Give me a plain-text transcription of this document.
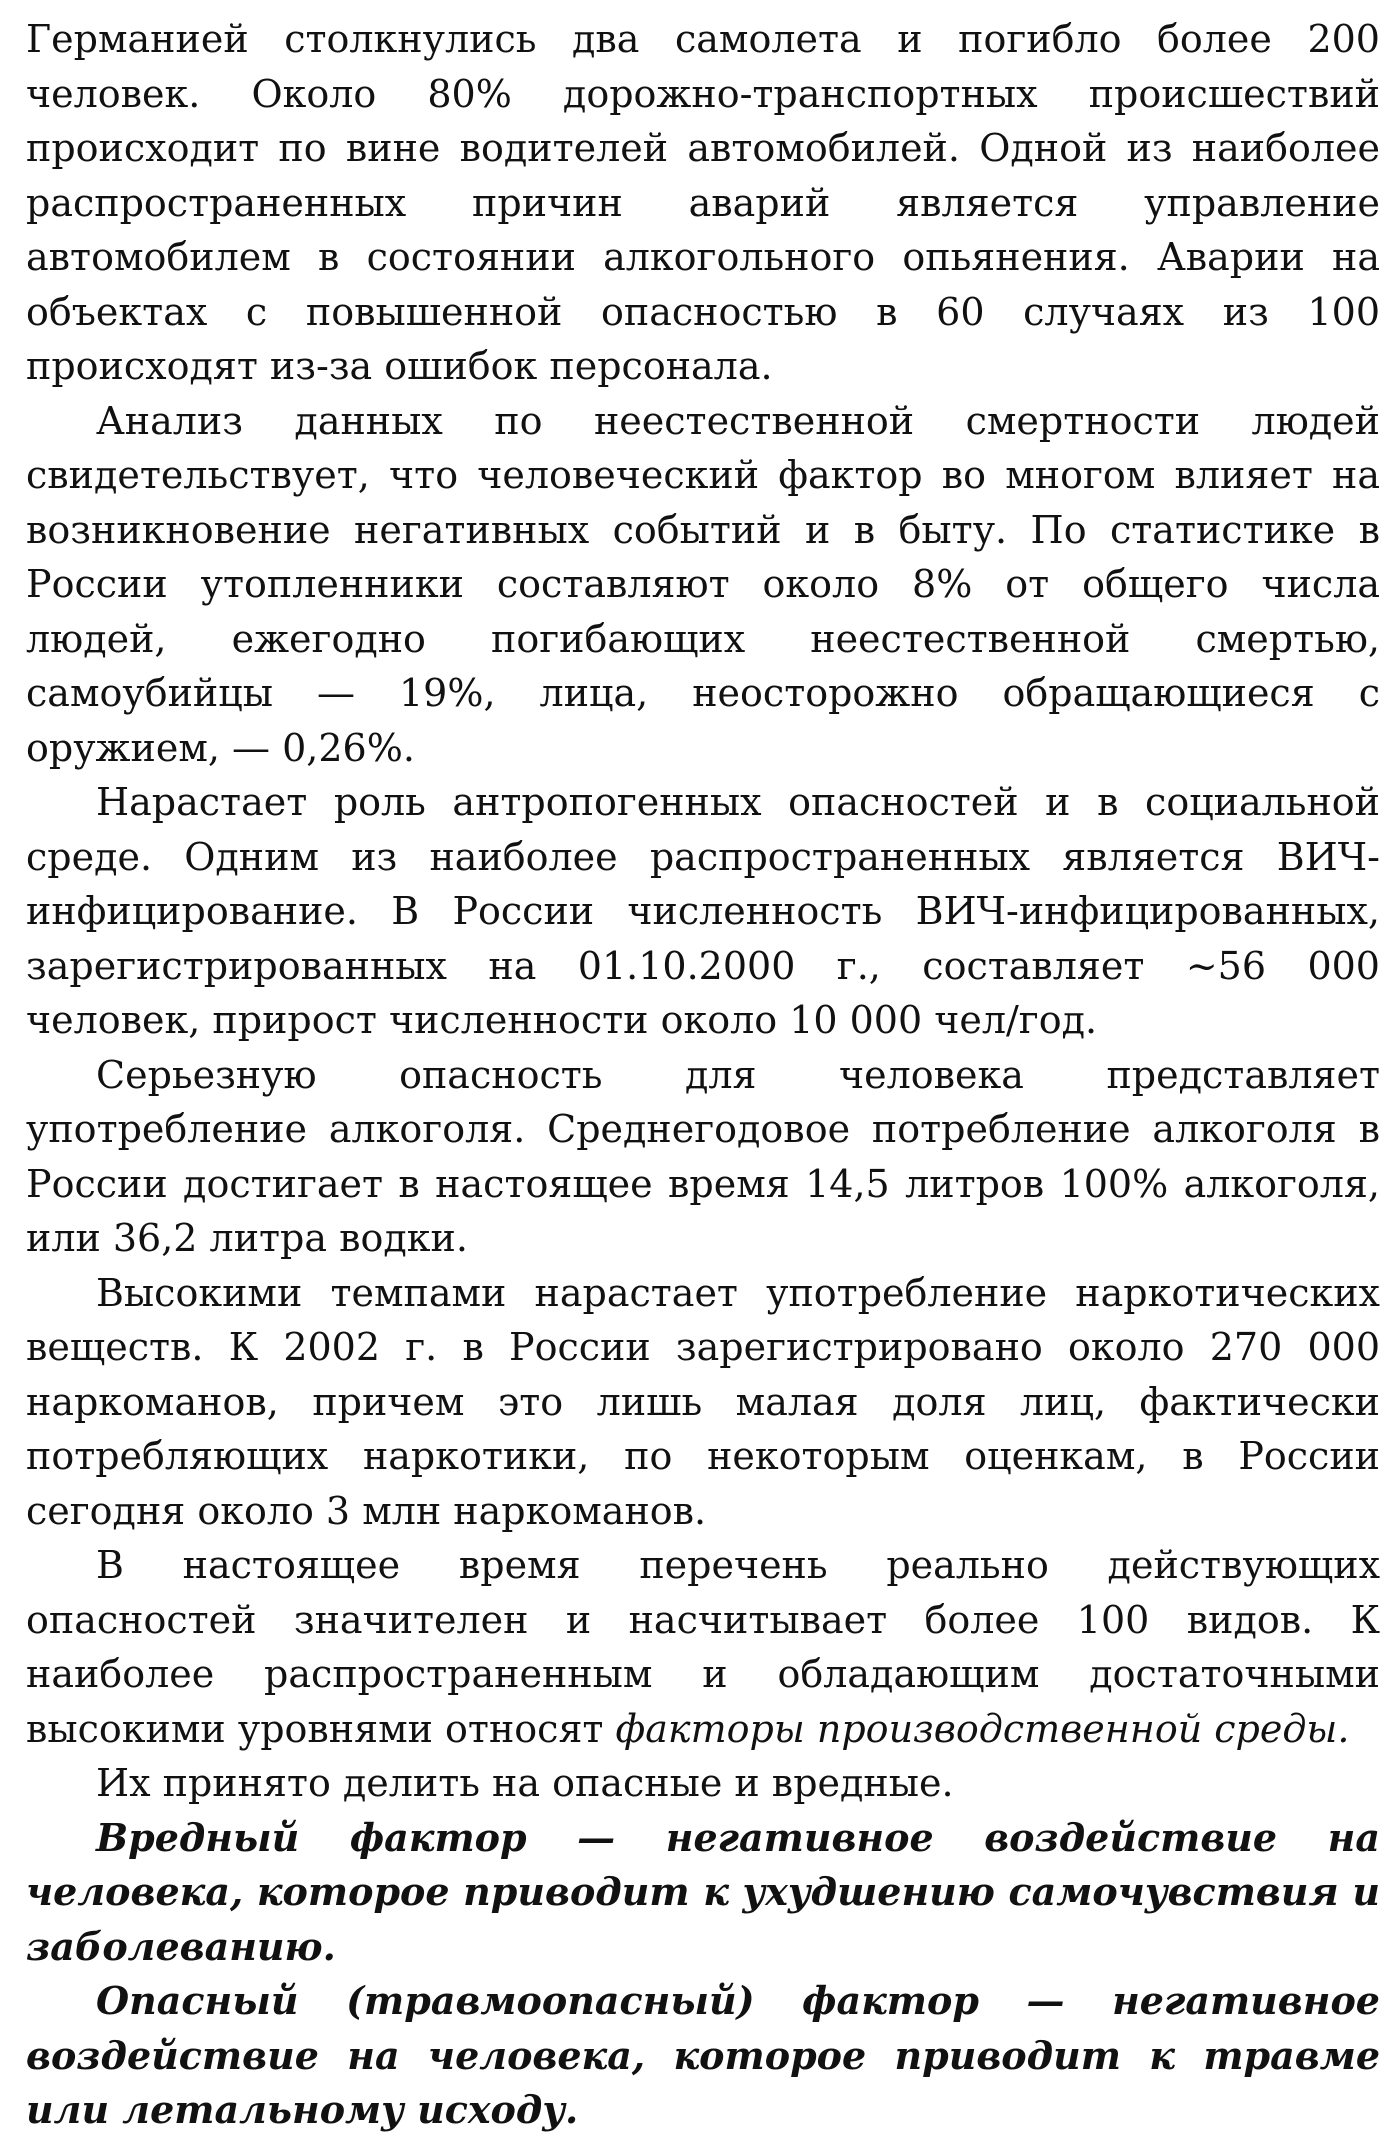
Германией столкнулись два самолета и погибло более 200 человек. Около 80% дорожно-транспортных происшествий происходит по вине водителей автомобилей. Одной из наиболее распространенных причин аварий является управление автомобилем в состоянии алкогольного опьянения. Аварии на объектах с повышенной опасностью в 60 случаях из 100 происходят из-за ошибок персонала.

Анализ данных по неестественной смертности людей свидетельствует, что человеческий фактор во многом влияет на возникновение негативных событий и в быту. По статистике в России утопленники составляют около 8% от общего числа людей, ежегодно погибающих неестественной смертью, самоубийцы — 19%, лица, неосторожно обращающиеся с оружием, — 0,26%.

Нарастает роль антропогенных опасностей и в социальной среде. Одним из наиболее распространенных является ВИЧ-инфицирование. В России численность ВИЧ-инфицированных, зарегистрированных на 01.10.2000 г., составляет ~56 000 человек, прирост численности около 10 000 чел/год.

Серьезную опасность для человека представляет употребление алкоголя. Среднегодовое потребление алкоголя в России достигает в настоящее время 14,5 литров 100% алкоголя, или 36,2 литра водки.

Высокими темпами нарастает употребление наркотических веществ. К 2002 г. в России зарегистрировано около 270 000 наркоманов, причем это лишь малая доля лиц, фактически потребляющих наркотики, по некоторым оценкам, в России сегодня около 3 млн наркоманов.

В настоящее время перечень реально действующих опасностей значителен и насчитывает более 100 видов. К наиболее распространенным и обладающим достаточными высокими уровнями относят факторы производственной среды.

Их принято делить на опасные и вредные.

Вредный фактор — негативное воздействие на человека, которое приводит к ухудшению самочувствия и заболеванию.

Опасный (травмоопасный) фактор — негативное воздействие на человека, которое приводит к травме или летальному исходу.
